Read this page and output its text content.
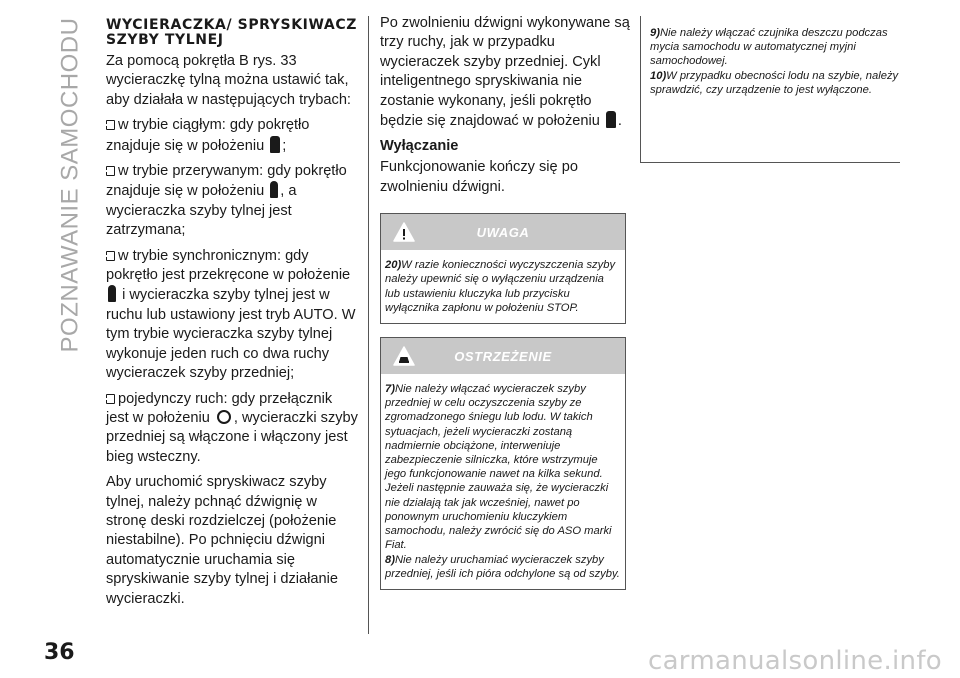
POZNAWANIE SAMOCHODU WYCIERACZKA/ SPRYSKIWACZ SZYBY TYLNEJ

Za pomocą pokrętła B rys. 33 wycieraczkę tylną można ustawić tak, aby działała w następujących trybach:

w trybie ciągłym: gdy pokrętło znajduje się w położeniu ;

w trybie przerywanym: gdy pokrętło znajduje się w położeniu , a wycieraczka szyby tylnej jest zatrzymana;

w trybie synchronicznym: gdy pokrętło jest przekręcone w położenie  i wycieraczka szyby tylnej jest w ruchu lub ustawiony jest tryb AUTO. W tym trybie wycieraczka szyby tylnej wykonuje jeden ruch co dwa ruchy wycieraczek szyby przedniej;

pojedynczy ruch: gdy przełącznik jest w położeniu , wycieraczki szyby przedniej są włączone i włączony jest bieg wsteczny.

Aby uruchomić spryskiwacz szyby tylnej, należy pchnąć dźwignię w stronę deski rozdzielczej (położenie niestabilne). Po pchnięciu dźwigni automatycznie uruchamia się spryskiwanie szyby tylnej i działanie wycieraczki.

Po zwolnieniu dźwigni wykonywane są trzy ruchy, jak w przypadku wycieraczek szyby przedniej. Cykl inteligentnego spryskiwania nie zostanie wykonany, jeśli pokrętło będzie się znajdować w położeniu .

Wyłączanie

Funkcjonowanie kończy się po zwolnieniu dźwigni.

UWAGA
20)W razie konieczności wyczyszczenia szyby należy upewnić się o wyłączeniu urządzenia lub ustawieniu kluczyka lub przycisku wyłącznika zapłonu w położeniu STOP.
OSTRZEŻENIE
7)Nie należy włączać wycieraczek szyby przedniej w celu oczyszczenia szyby ze zgromadzonego śniegu lub lodu. W takich sytuacjach, jeżeli wycieraczki zostaną nadmiernie obciążone, interweniuje zabezpieczenie silniczka, które wstrzymuje jego funkcjonowanie nawet na kilka sekund. Jeżeli następnie zauważa się, że wycieraczki nie działają tak jak wcześniej, nawet po ponownym uruchomieniu kluczykiem samochodu, należy zwrócić się do ASO marki Fiat.
8)Nie należy uruchamiać wycieraczek szyby przedniej, jeśli ich pióra odchylone są od szyby.
9)Nie należy włączać czujnika deszczu podczas mycia samochodu w automatycznej myjni samochodowej.
10)W przypadku obecności lodu na szybie, należy sprawdzić, czy urządzenie to jest wyłączone.
36	carmanualsonline.info
